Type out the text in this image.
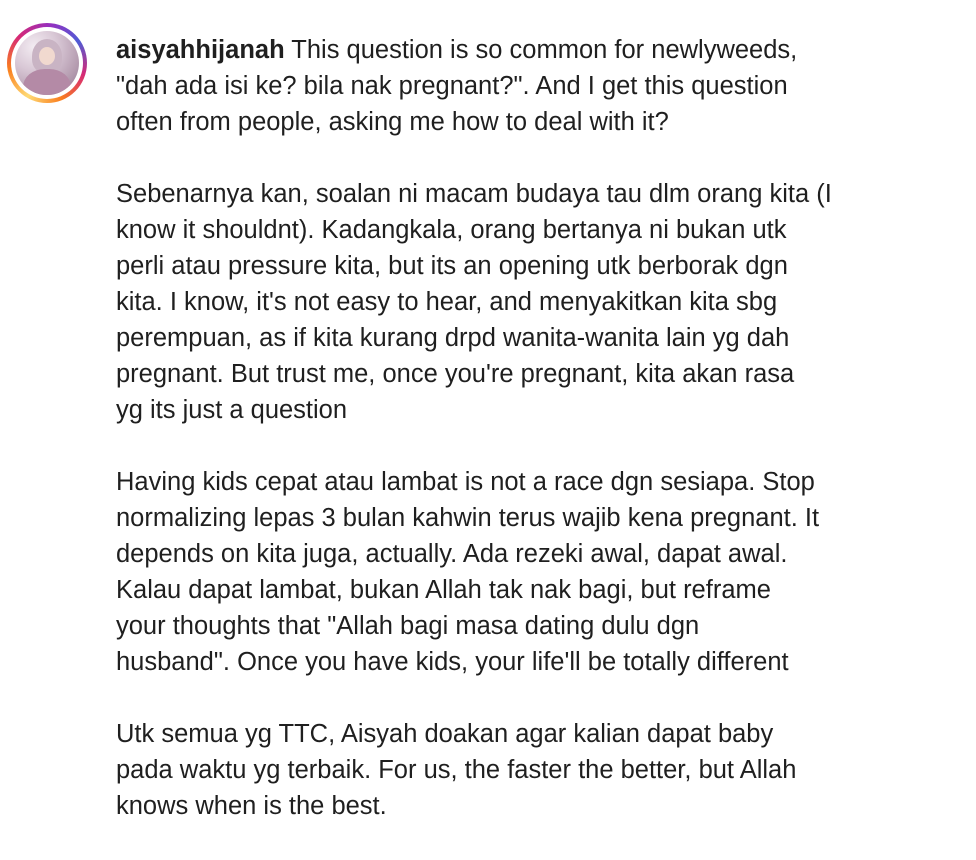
aisyahhijanah This question is so common for newlyweeds,
"dah ada isi ke? bila nak pregnant?". And I get this question
often from people, asking me how to deal with it?

Sebenarnya kan, soalan ni macam budaya tau dlm orang kita (I
know it shouldnt). Kadangkala, orang bertanya ni bukan utk
perli atau pressure kita, but its an opening utk berborak dgn
kita. I know, it's not easy to hear, and menyakitkan kita sbg
perempuan, as if kita kurang drpd wanita-wanita lain yg dah
pregnant. But trust me, once you're pregnant, kita akan rasa
yg its just a question

Having kids cepat atau lambat is not a race dgn sesiapa. Stop
normalizing lepas 3 bulan kahwin terus wajib kena pregnant. It
depends on kita juga, actually. Ada rezeki awal, dapat awal.
Kalau dapat lambat, bukan Allah tak nak bagi, but reframe
your thoughts that "Allah bagi masa dating dulu dgn
husband". Once you have kids, your life'll be totally different

Utk semua yg TTC, Aisyah doakan agar kalian dapat baby
pada waktu yg terbaik. For us, the faster the better, but Allah
knows when is the best.
